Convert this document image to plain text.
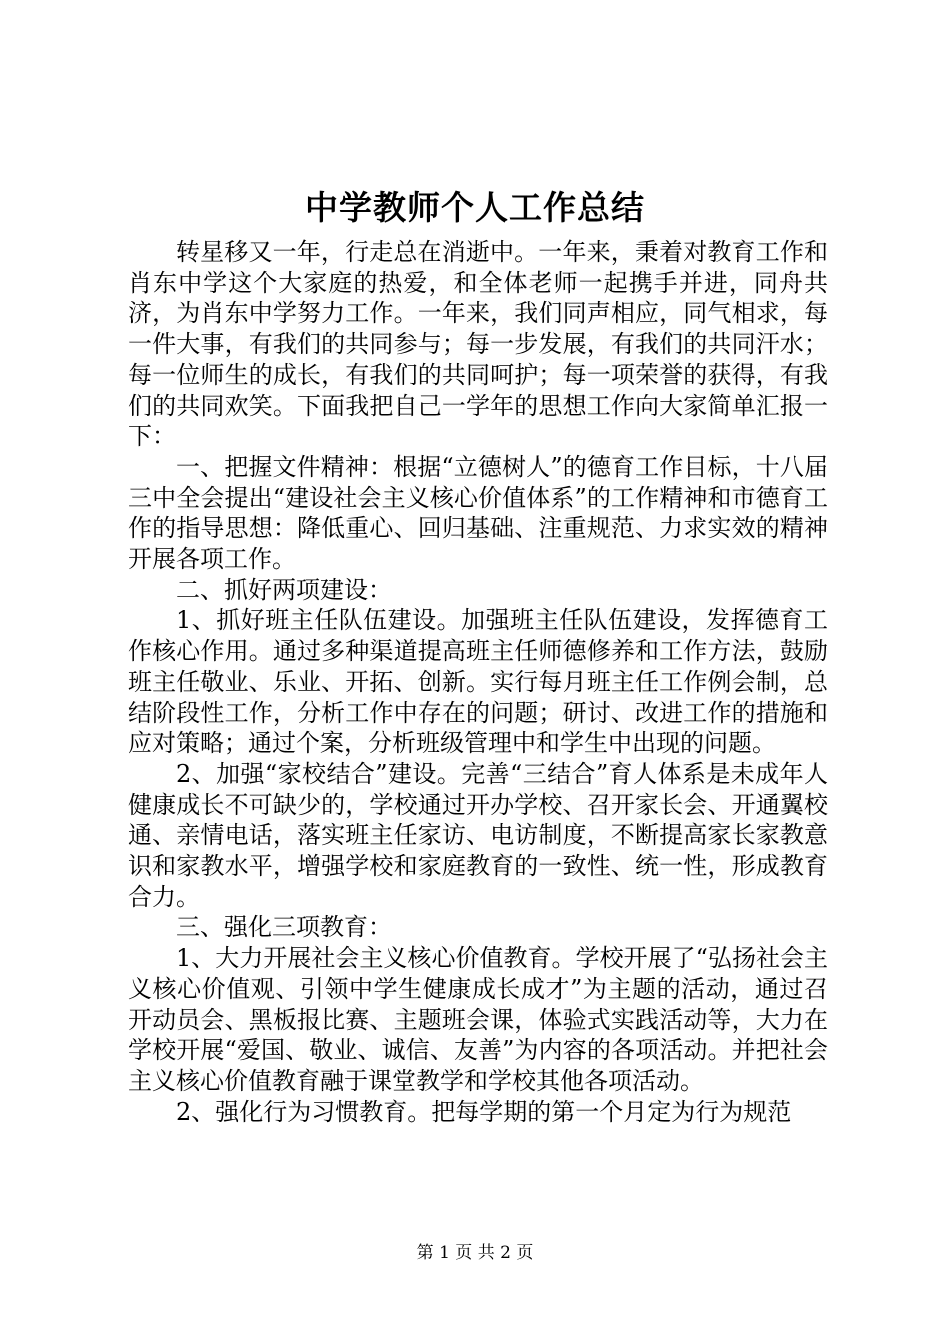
中学教师个人工作总结

转星移又一年，行走总在消逝中。一年来，秉着对教育工作和肖东中学这个大家庭的热爱，和全体老师一起携手并进，同舟共济，为肖东中学努力工作。一年来，我们同声相应，同气相求，每一件大事，有我们的共同参与；每一步发展，有我们的共同汗水；每一位师生的成长，有我们的共同呵护；每一项荣誉的获得，有我们的共同欢笑。下面我把自己一学年的思想工作向大家简单汇报一下：

一、把握文件精神：根据“立德树人”的德育工作目标，十八届三中全会提出“建设社会主义核心价值体系”的工作精神和市德育工作的指导思想：降低重心、回归基础、注重规范、力求实效的精神开展各项工作。

二、抓好两项建设：

1、抓好班主任队伍建设。加强班主任队伍建设，发挥德育工作核心作用。通过多种渠道提高班主任师德修养和工作方法，鼓励班主任敬业、乐业、开拓、创新。实行每月班主任工作例会制，总结阶段性工作，分析工作中存在的问题；研讨、改进工作的措施和应对策略；通过个案，分析班级管理中和学生中出现的问题。

2、加强“家校结合”建设。完善“三结合”育人体系是未成年人健康成长不可缺少的，学校通过开办学校、召开家长会、开通翼校通、亲情电话，落实班主任家访、电访制度，不断提高家长家教意识和家教水平，增强学校和家庭教育的一致性、统一性，形成教育合力。

三、强化三项教育：

1、大力开展社会主义核心价值教育。学校开展了“弘扬社会主义核心价值观、引领中学生健康成长成才”为主题的活动，通过召开动员会、黑板报比赛、主题班会课，体验式实践活动等，大力在学校开展“爱国、敬业、诚信、友善”为内容的各项活动。并把社会主义核心价值教育融于课堂教学和学校其他各项活动。

2、强化行为习惯教育。把每学期的第一个月定为行为规范

第 1 页 共 2 页
